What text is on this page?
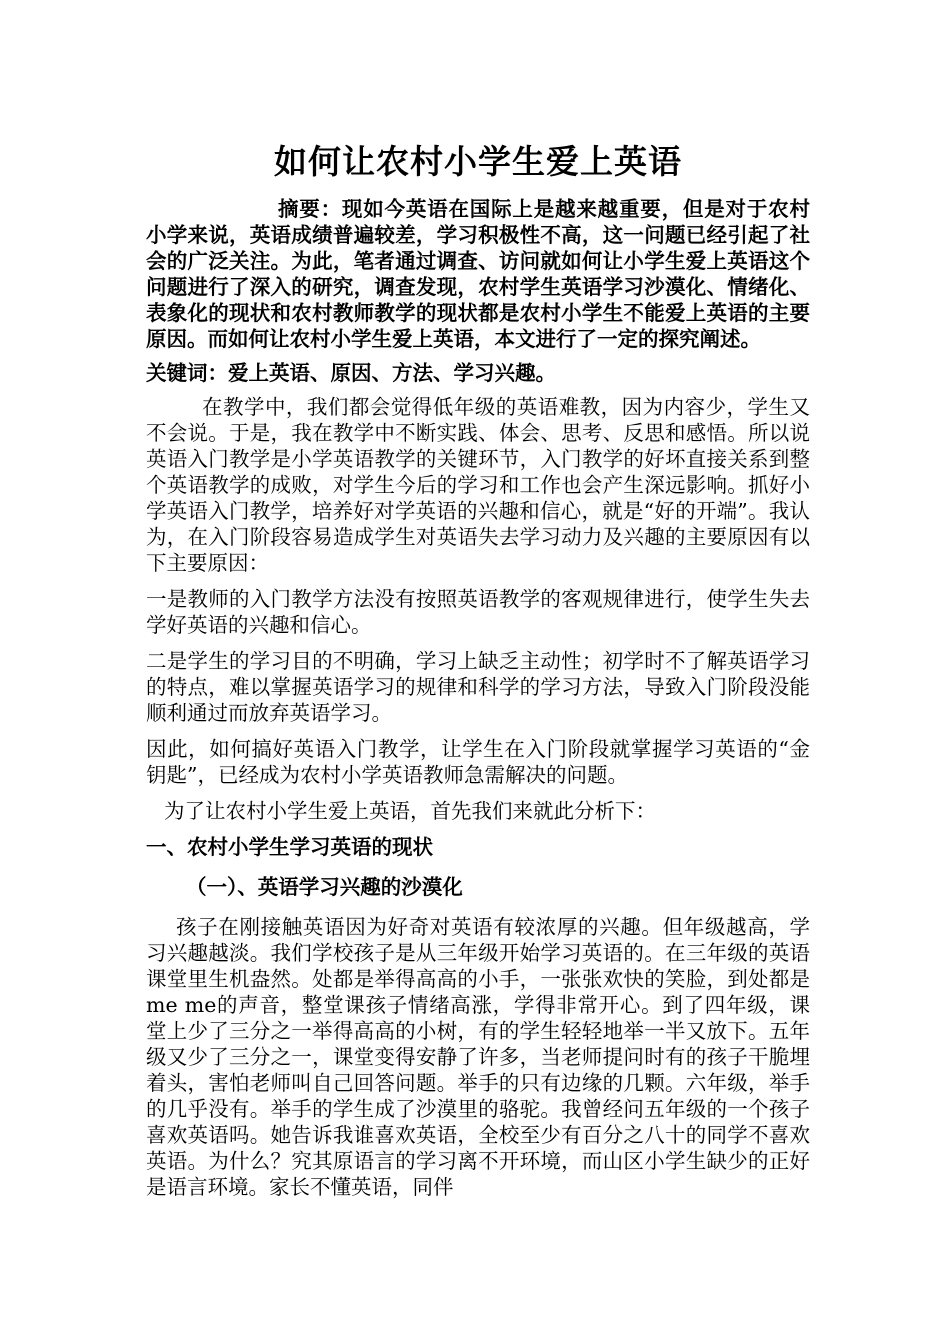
如何让农村小学生爱上英语

摘要：现如今英语在国际上是越来越重要，但是对于农村小学来说，英语成绩普遍较差，学习积极性不高，这一问题已经引起了社会的广泛关注。为此，笔者通过调查、访问就如何让小学生爱上英语这个问题进行了深入的研究，调查发现，农村学生英语学习沙漠化、情绪化、表象化的现状和农村教师教学的现状都是农村小学生不能爱上英语的主要原因。而如何让农村小学生爱上英语，本文进行了一定的探究阐述。

关键词：爱上英语、原因、方法、学习兴趣。

在教学中，我们都会觉得低年级的英语难教，因为内容少，学生又不会说。于是，我在教学中不断实践、体会、思考、反思和感悟。所以说英语入门教学是小学英语教学的关键环节，入门教学的好坏直接关系到整个英语教学的成败，对学生今后的学习和工作也会产生深远影响。抓好小学英语入门教学，培养好对学英语的兴趣和信心，就是“好的开端”。我认为，在入门阶段容易造成学生对英语失去学习动力及兴趣的主要原因有以下主要原因：

一是教师的入门教学方法没有按照英语教学的客观规律进行，使学生失去学好英语的兴趣和信心。

二是学生的学习目的不明确，学习上缺乏主动性；初学时不了解英语学习的特点，难以掌握英语学习的规律和科学的学习方法，导致入门阶段没能顺利通过而放弃英语学习。

因此，如何搞好英语入门教学，让学生在入门阶段就掌握学习英语的“金钥匙”，已经成为农村小学英语教师急需解决的问题。

为了让农村小学生爱上英语，首先我们来就此分析下：

一、农村小学生学习英语的现状
（一）、英语学习兴趣的沙漠化

孩子在刚接触英语因为好奇对英语有较浓厚的兴趣。但年级越高，学习兴趣越淡。我们学校孩子是从三年级开始学习英语的。在三年级的英语课堂里生机盎然。处都是举得高高的小手，一张张欢快的笑脸，到处都是me me的声音，整堂课孩子情绪高涨，学得非常开心。到了四年级，课堂上少了三分之一举得高高的小树，有的学生轻轻地举一半又放下。五年级又少了三分之一，课堂变得安静了许多，当老师提问时有的孩子干脆埋着头，害怕老师叫自己回答问题。举手的只有边缘的几颗。六年级，举手的几乎没有。举手的学生成了沙漠里的骆驼。我曾经问五年级的一个孩子喜欢英语吗。她告诉我谁喜欢英语，全校至少有百分之八十的同学不喜欢英语。为什么？究其原语言的学习离不开环境，而山区小学生缺少的正好是语言环境。家长不懂英语，同伴
